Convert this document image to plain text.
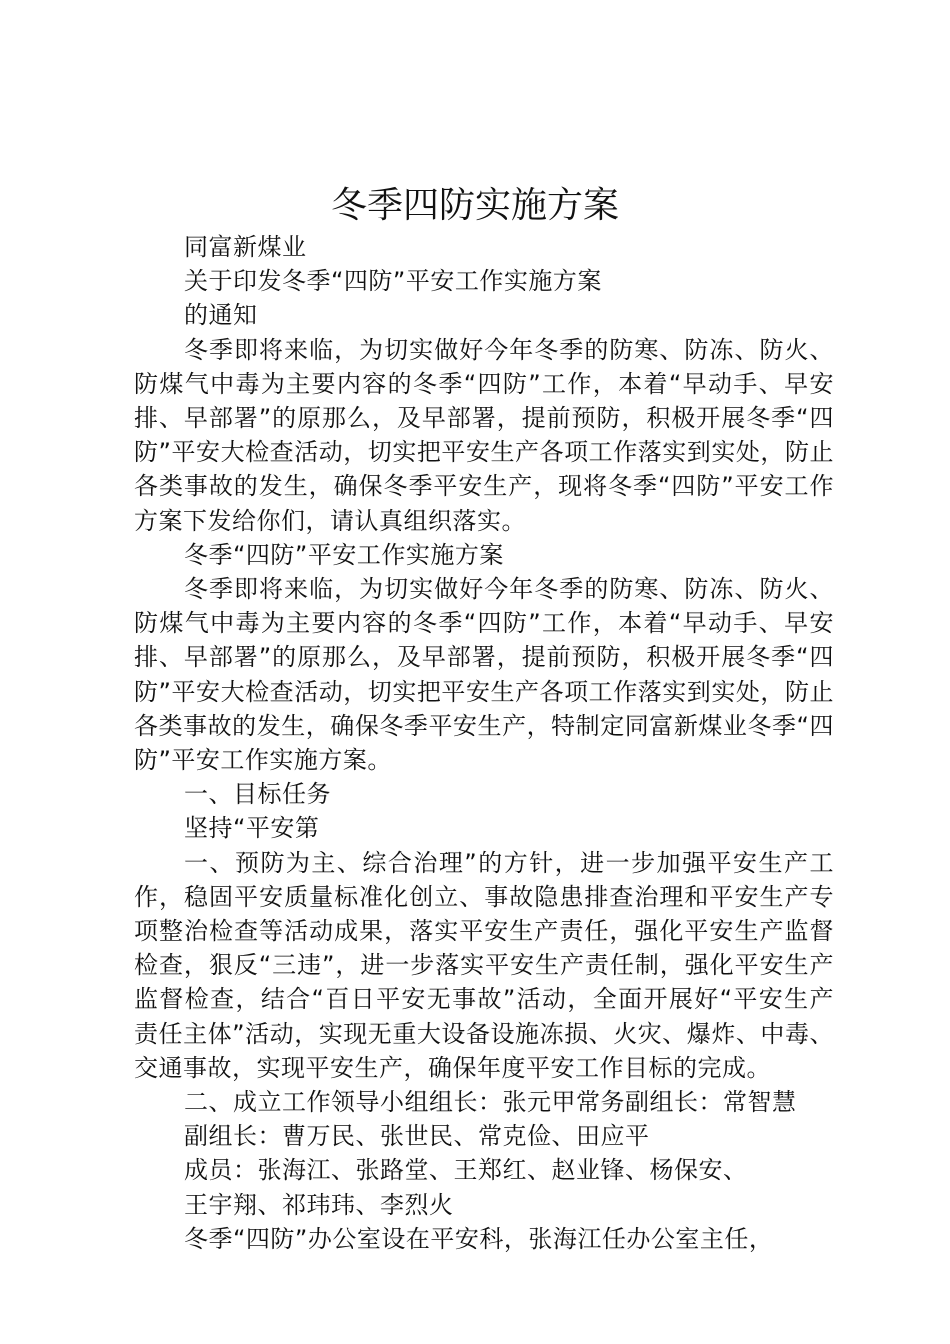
冬季四防实施方案

同富新煤业

关于印发冬季“四防”平安工作实施方案

的通知

冬季即将来临，为切实做好今年冬季的防寒、防冻、防火、防煤气中毒为主要内容的冬季“四防”工作，本着“早动手、早安排、早部署”的原那么，及早部署，提前预防，积极开展冬季“四防”平安大检查活动，切实把平安生产各项工作落实到实处，防止各类事故的发生，确保冬季平安生产，现将冬季“四防”平安工作方案下发给你们，请认真组织落实。

冬季“四防”平安工作实施方案

冬季即将来临，为切实做好今年冬季的防寒、防冻、防火、防煤气中毒为主要内容的冬季“四防”工作，本着“早动手、早安排、早部署”的原那么，及早部署，提前预防，积极开展冬季“四防”平安大检查活动，切实把平安生产各项工作落实到实处，防止各类事故的发生，确保冬季平安生产，特制定同富新煤业冬季“四防”平安工作实施方案。

一、目标任务

坚持“平安第

一、预防为主、综合治理”的方针，进一步加强平安生产工作，稳固平安质量标准化创立、事故隐患排查治理和平安生产专项整治检查等活动成果，落实平安生产责任，强化平安生产监督检查，狠反“三违”，进一步落实平安生产责任制，强化平安生产监督检查，结合“百日平安无事故”活动，全面开展好“平安生产责任主体”活动，实现无重大设备设施冻损、火灾、爆炸、中毒、交通事故，实现平安生产，确保年度平安工作目标的完成。

二、成立工作领导小组组长：张元甲常务副组长：常智慧

副组长：曹万民、张世民、常克俭、田应平

成员：张海江、张路堂、王郑红、赵业锋、杨保安、

王宇翔、祁玮玮、李烈火

冬季“四防”办公室设在平安科，张海江任办公室主任，
